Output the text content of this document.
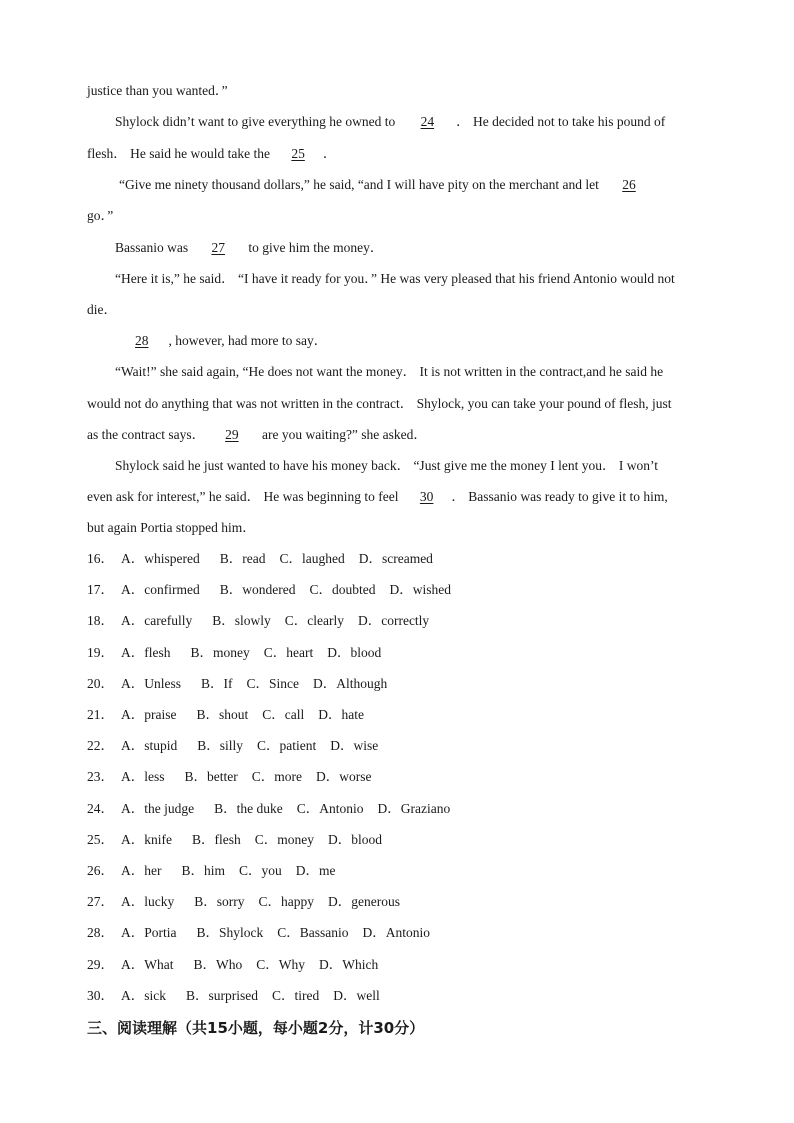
justice than you wanted．”
Shylock didn’t want to give everything he owned to 24 ． He decided not to take his pound of
flesh． He said he would take the 25 ．
“Give me ninety thousand dollars,” he said, “and I will have pity on the merchant and let 26
go．”
Bassanio was 27 to give him the money．
“Here it is,” he said． “I have it ready for you．” He was very pleased that his friend Antonio would not
die．
28 , however, had more to say．
“Wait!” she said again, “He does not want the money． It is not written in the contract,and he said he
would not do anything that was not written in the contract． Shylock, you can take your pound of flesh, just
as the contract says． 29 are you waiting?” she asked．
Shylock said he just wanted to have his money back． “Just give me the money I lent you． I won’t
even ask for interest,” he said． He was beginning to feel 30 ． Bassanio was ready to give it to him,
but again Portia stopped him．
16． A．whispered B．read C．laughed D．screamed
17． A．confirmed B．wondered C．doubted D．wished
18． A．carefully B．slowly C．clearly D．correctly
19． A．flesh B．money C．heart D．blood
20． A．Unless B．If C．Since D．Although
21． A．praise B．shout C．call D．hate
22． A．stupid B．silly C．patient D．wise
23． A．less B．better C．more D．worse
24． A．the judge B．the duke C．Antonio D．Graziano
25． A．knife B．flesh C．money D．blood
26． A．her B．him C．you D．me
27． A．lucky B．sorry C．happy D．generous
28． A．Portia B．Shylock C．Bassanio D．Antonio
29． A．What B．Who C．Why D．Which
30． A．sick B．surprised C．tired D．well
三、阅读理解（共15小题，每小题2分，计30分）
